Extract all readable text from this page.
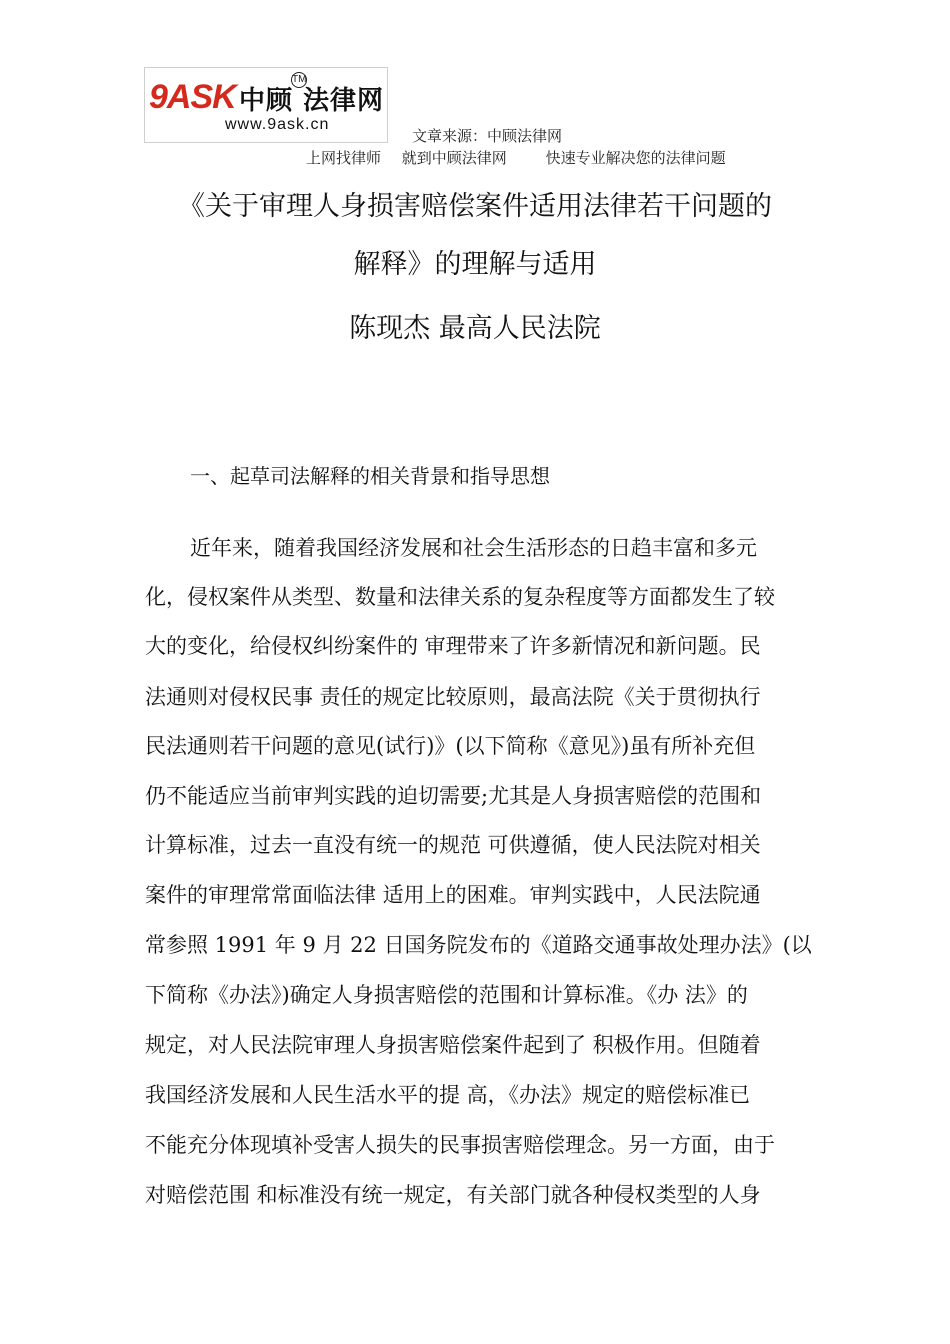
9ASK 中顾 法律网
TM
www.9ask.cn
文章来源：中顾法律网
上网找律师 就到中顾法律网	快速专业解决您的法律问题
《关于审理人身损害赔偿案件适用法律若干问题的
解释》的理解与适用
陈现杰 最高人民法院
一、起草司法解释的相关背景和指导思想
近年来，随着我国经济发展和社会生活形态的日趋丰富和多元
化，侵权案件从类型、数量和法律关系的复杂程度等方面都发生了较
大的变化，给侵权纠纷案件的 审理带来了许多新情况和新问题。民
法通则对侵权民事 责任的规定比较原则，最高法院《关于贯彻执行
民法通则若干问题的意见(试行)》(以下简称《意见》)虽有所补充但
仍不能适应当前审判实践的迫切需要;尤其是人身损害赔偿的范围和
计算标准，过去一直没有统一的规范 可供遵循，使人民法院对相关
案件的审理常常面临法律 适用上的困难。审判实践中，人民法院通
常参照 1991 年 9 月 22 日国务院发布的《道路交通事故处理办法》(以
下简称《办法》)确定人身损害赔偿的范围和计算标准。《办 法》的
规定，对人民法院审理人身损害赔偿案件起到了 积极作用。但随着
我国经济发展和人民生活水平的提 高，《办法》规定的赔偿标准已
不能充分体现填补受害人损失的民事损害赔偿理念。另一方面，由于
对赔偿范围 和标准没有统一规定，有关部门就各种侵权类型的人身
